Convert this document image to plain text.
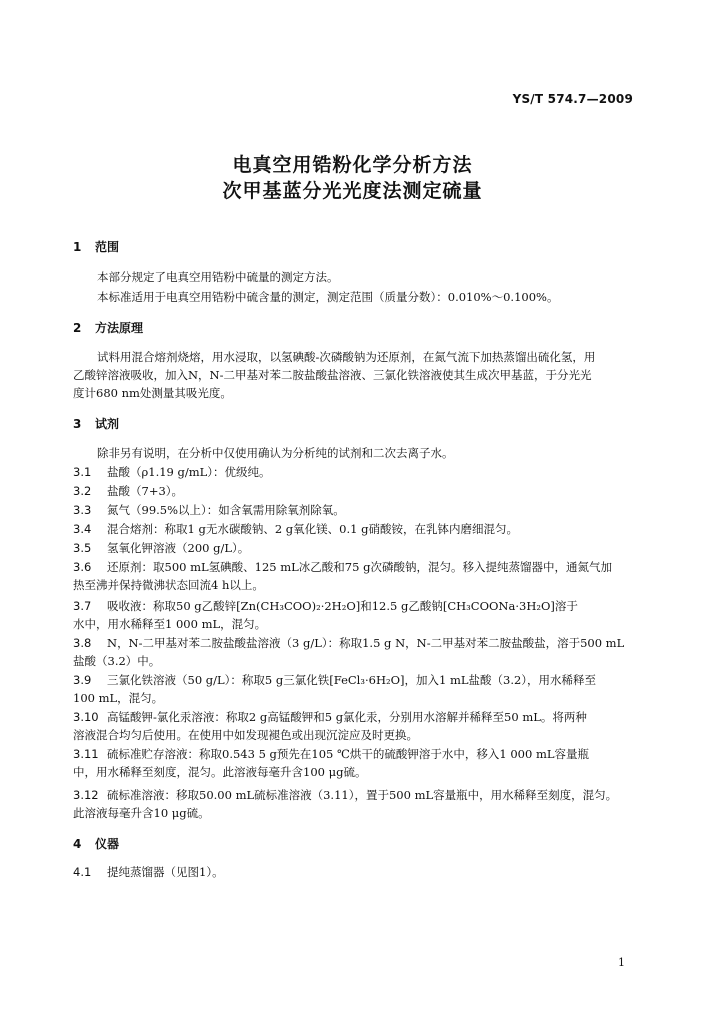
YS/T 574.7—2009
电真空用锆粉化学分析方法
次甲基蓝分光光度法测定硫量
1 范围
本部分规定了电真空用锆粉中硫量的测定方法。
本标准适用于电真空用锆粉中硫含量的测定，测定范围（质量分数）：0.010%～0.100%。
2 方法原理
试料用混合熔剂烧熔，用水浸取，以氢碘酸-次磷酸钠为还原剂，在氮气流下加热蒸馏出硫化氢，用
乙酸锌溶液吸收，加入N，N-二甲基对苯二胺盐酸盐溶液、三氯化铁溶液使其生成次甲基蓝，于分光光
度计680 nm处测量其吸光度。
3 试剂
除非另有说明，在分析中仅使用确认为分析纯的试剂和二次去离子水。
3.1 盐酸（ρ1.19 g/mL）：优级纯。
3.2 盐酸（7+3）。
3.3 氮气（99.5%以上）：如含氧需用除氧剂除氧。
3.4 混合熔剂：称取1 g无水碳酸钠、2 g氧化镁、0.1 g硝酸铵，在乳钵内磨细混匀。
3.5 氢氧化钾溶液（200 g/L）。
3.6 还原剂：取500 mL氢碘酸、125 mL冰乙酸和75 g次磷酸钠，混匀。移入提纯蒸馏器中，通氮气加
热至沸并保持微沸状态回流4 h以上。
3.7 吸收液：称取50 g乙酸锌[Zn(CH₃COO)₂·2H₂O]和12.5 g乙酸钠[CH₃COONa·3H₂O]溶于
水中，用水稀释至1 000 mL，混匀。
3.8 N，N-二甲基对苯二胺盐酸盐溶液（3 g/L）：称取1.5 g N，N-二甲基对苯二胺盐酸盐，溶于500 mL
盐酸（3.2）中。
3.9 三氯化铁溶液（50 g/L）：称取5 g三氯化铁[FeCl₃·6H₂O]，加入1 mL盐酸（3.2），用水稀释至
100 mL，混匀。
3.10 高锰酸钾-氯化汞溶液：称取2 g高锰酸钾和5 g氯化汞，分别用水溶解并稀释至50 mL。将两种
溶液混合均匀后使用。在使用中如发现褪色或出现沉淀应及时更换。
3.11 硫标准贮存溶液：称取0.543 5 g预先在105 ℃烘干的硫酸钾溶于水中，移入1 000 mL容量瓶
中，用水稀释至刻度，混匀。此溶液每毫升含100 μg硫。
3.12 硫标准溶液：移取50.00 mL硫标准溶液（3.11），置于500 mL容量瓶中，用水稀释至刻度，混匀。
此溶液每毫升含10 μg硫。
4 仪器
4.1 提纯蒸馏器（见图1）。
1
